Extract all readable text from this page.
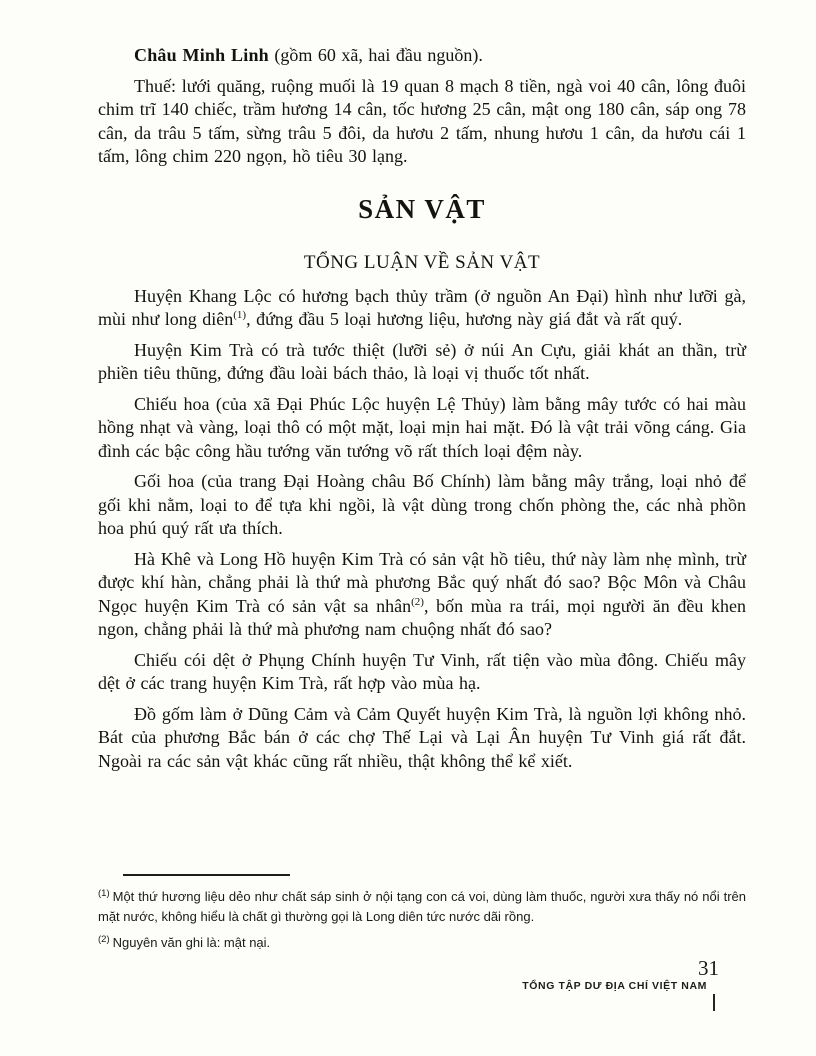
Châu Minh Linh (gồm 60 xã, hai đầu nguồn).

Thuế: lưới quăng, ruộng muối là 19 quan 8 mạch 8 tiền, ngà voi 40 cân, lông đuôi chim trĩ 140 chiếc, trầm hương 14 cân, tốc hương 25 cân, mật ong 180 cân, sáp ong 78 cân, da trâu 5 tấm, sừng trâu 5 đôi, da hươu 2 tấm, nhung hươu 1 cân, da hươu cái 1 tấm, lông chim 220 ngọn, hồ tiêu 30 lạng.

SẢN VẬT
TỔNG LUẬN VỀ SẢN VẬT

Huyện Khang Lộc có hương bạch thủy trầm (ở nguồn An Đại) hình như lưỡi gà, mùi như long diên$^{(1)}$, đứng đầu 5 loại hương liệu, hương này giá đắt và rất quý.

Huyện Kim Trà có trà tước thiệt (lưỡi sẻ) ở núi An Cựu, giải khát an thần, trừ phiền tiêu thũng, đứng đầu loài bách thảo, là loại vị thuốc tốt nhất.

Chiếu hoa (của xã Đại Phúc Lộc huyện Lệ Thủy) làm bằng mây tước có hai màu hồng nhạt và vàng, loại thô có một mặt, loại mịn hai mặt. Đó là vật trải võng cáng. Gia đình các bậc công hầu tướng văn tướng võ rất thích loại đệm này.

Gối hoa (của trang Đại Hoàng châu Bố Chính) làm bằng mây trắng, loại nhỏ để gối khi nằm, loại to để tựa khi ngồi, là vật dùng trong chốn phòng the, các nhà phồn hoa phú quý rất ưa thích.

Hà Khê và Long Hồ huyện Kim Trà có sản vật hồ tiêu, thứ này làm nhẹ mình, trừ được khí hàn, chẳng phải là thứ mà phương Bắc quý nhất đó sao? Bộc Môn và Châu Ngọc huyện Kim Trà có sản vật sa nhân$^{(2)}$, bốn mùa ra trái, mọi người ăn đều khen ngon, chẳng phải là thứ mà phương nam chuộng nhất đó sao?

Chiếu cói dệt ở Phụng Chính huyện Tư Vinh, rất tiện vào mùa đông. Chiếu mây dệt ở các trang huyện Kim Trà, rất hợp vào mùa hạ.

Đồ gốm làm ở Dũng Cảm và Cảm Quyết huyện Kim Trà, là nguồn lợi không nhỏ. Bát của phương Bắc bán ở các chợ Thế Lại và Lại Ân huyện Tư Vinh giá rất đắt. Ngoài ra các sản vật khác cũng rất nhiều, thật không thể kể xiết.

$^{(1)}$ Một thứ hương liệu dẻo như chất sáp sinh ở nội tạng con cá voi, dùng làm thuốc, người xưa thấy nó nổi trên mặt nước, không hiểu là chất gì thường gọi là Long diên tức nước dãi rồng.

$^{(2)}$ Nguyên văn ghi là: mật nại.

TỔNG TẬP DƯ ĐỊA CHÍ VIỆT NAM
31
